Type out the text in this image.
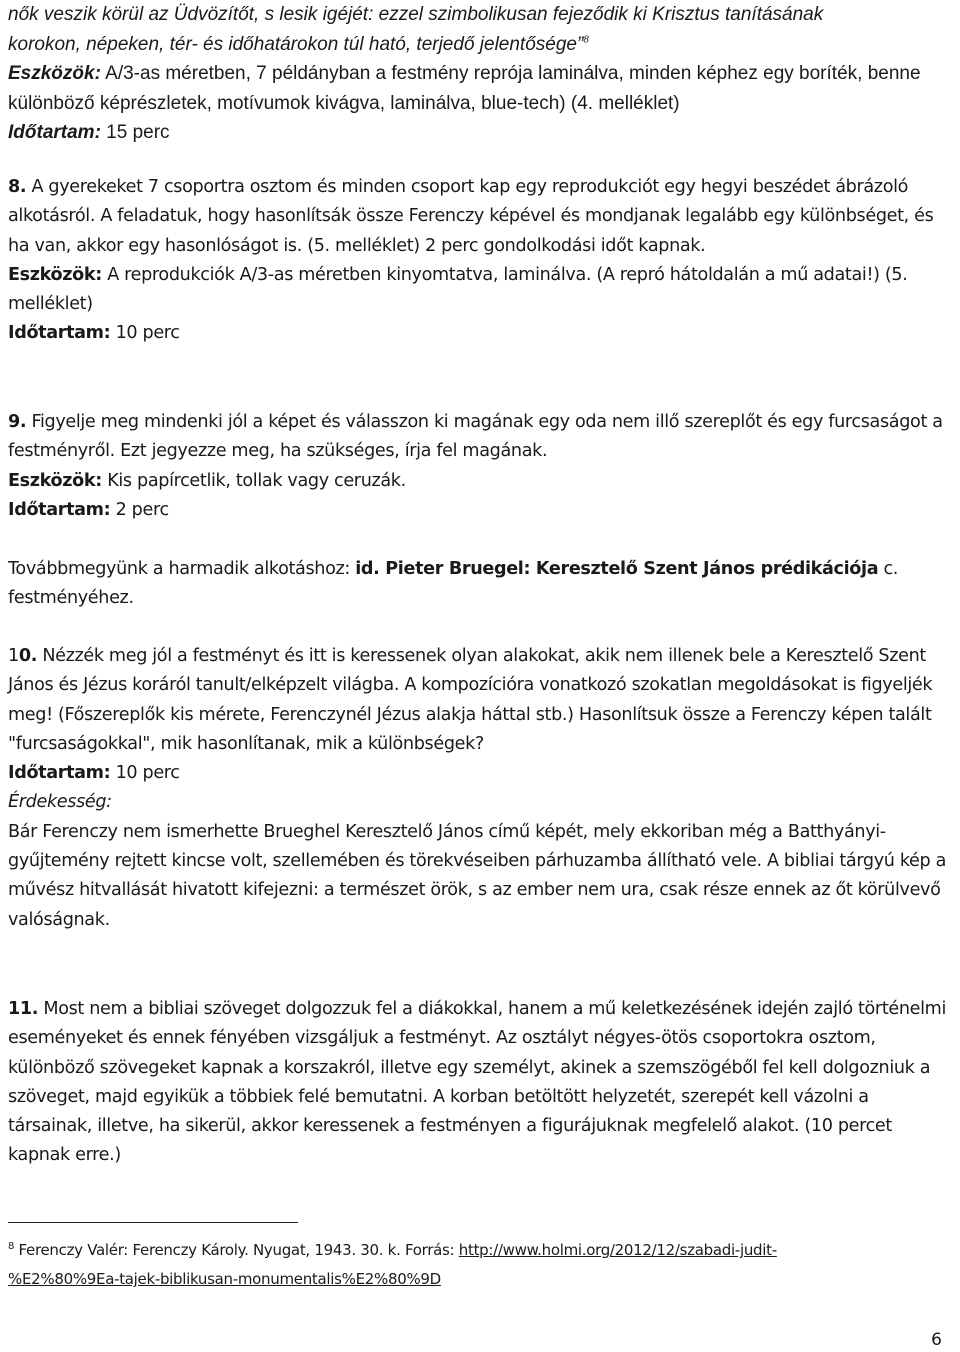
nők veszik körül az Üdvözítőt, s lesik igéjét: ezzel szimbolikusan fejeződik ki Krisztus tanításának

korokon, népeken, tér- és időhatárokon túl ható, terjedő jelentősége”$^8$

Eszközök: A/3-as méretben, 7 példányban a festmény reprója laminálva, minden képhez egy boríték, benne különböző képrészletek, motívumok kivágva, laminálva, blue-tech) (4. melléklet)

Időtartam: 15 perc

8. A gyerekeket 7 csoportra osztom és minden csoport kap egy reprodukciót egy hegyi beszédet ábrázoló alkotásról. A feladatuk, hogy hasonlítsák össze Ferenczy képével és mondjanak legalább egy különbséget, és ha van, akkor egy hasonlóságot is. (5. melléklet) 2 perc gondolkodási időt kapnak.

Eszközök: A reprodukciók A/3-as méretben kinyomtatva, laminálva. (A repró hátoldalán a mű adatai!) (5. melléklet)

Időtartam: 10 perc

9. Figyelje meg mindenki jól a képet és válasszon ki magának egy oda nem illő szereplőt és egy furcsaságot a festményről. Ezt jegyezze meg, ha szükséges, írja fel magának.

Eszközök: Kis papírcetlik, tollak vagy ceruzák.

Időtartam: 2 perc

Továbbmegyünk a harmadik alkotáshoz: id. Pieter Bruegel: Keresztelő Szent János prédikációja c. festményéhez.

10. Nézzék meg jól a festményt és itt is keressenek olyan alakokat, akik nem illenek bele a Keresztelő Szent János és Jézus koráról tanult/elképzelt világba. A kompozícióra vonatkozó szokatlan megoldásokat is figyeljék meg! (Főszereplők kis mérete, Ferenczynél Jézus alakja háttal stb.) Hasonlítsuk össze a Ferenczy képen talált "furcsaságokkal", mik hasonlítanak, mik a különbségek?

Időtartam: 10 perc

Érdekesség:

Bár Ferenczy nem ismerhette Brueghel Keresztelő János című képét, mely ekkoriban még a Batthyányi-gyűjtemény rejtett kincse volt, szellemében és törekvéseiben párhuzamba állítható vele. A bibliai tárgyú kép a művész hitvallását hivatott kifejezni: a természet örök, s az ember nem ura, csak része ennek az őt körülvevő valóságnak.

11. Most nem a bibliai szöveget dolgozzuk fel a diákokkal, hanem a mű keletkezésének idején zajló történelmi eseményeket és ennek fényében vizsgáljuk a festményt. Az osztályt négyes-ötös csoportokra osztom, különböző szövegeket kapnak a korszakról, illetve egy személyt, akinek a szemszögéből fel kell dolgozniuk a szöveget, majd egyikük a többiek felé bemutatni. A korban betöltött helyzetét, szerepét kell vázolni a társainak, illetve, ha sikerül, akkor keressenek a festményen a figurájuknak megfelelő alakot. (10 percet kapnak erre.)

$^8$ Ferenczy Valér: Ferenczy Károly. Nyugat, 1943. 30. k. Forrás: http://www.holmi.org/2012/12/szabadi-judit-
%E2%80%9Ea-tajek-biblikusan-monumentalis%E2%80%9D

6
